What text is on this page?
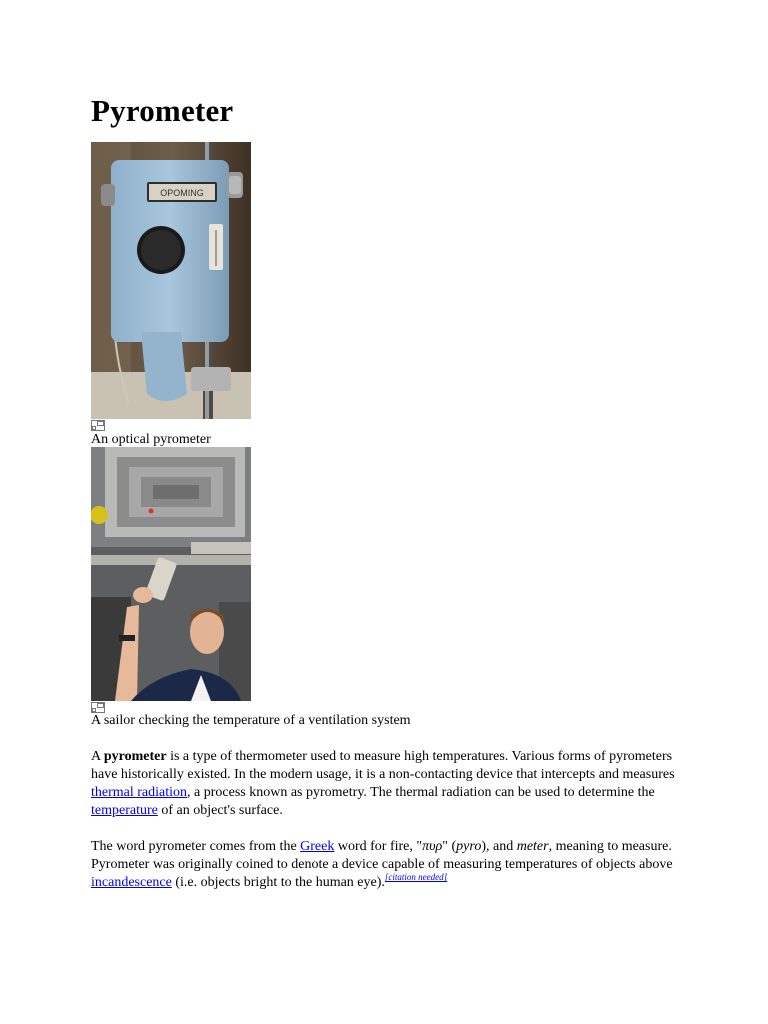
Pyrometer
OPOMING
An optical pyrometer
A sailor checking the temperature of a ventilation system

A pyrometer is a type of thermometer used to measure high temperatures. Various forms of pyrometers have historically existed. In the modern usage, it is a non-contacting device that intercepts and measures thermal radiation, a process known as pyrometry. The thermal radiation can be used to determine the temperature of an object's surface.

The word pyrometer comes from the Greek word for fire, "πυρ" (pyro), and meter, meaning to measure. Pyrometer was originally coined to denote a device capable of measuring temperatures of objects above incandescence (i.e. objects bright to the human eye).[citation needed]
